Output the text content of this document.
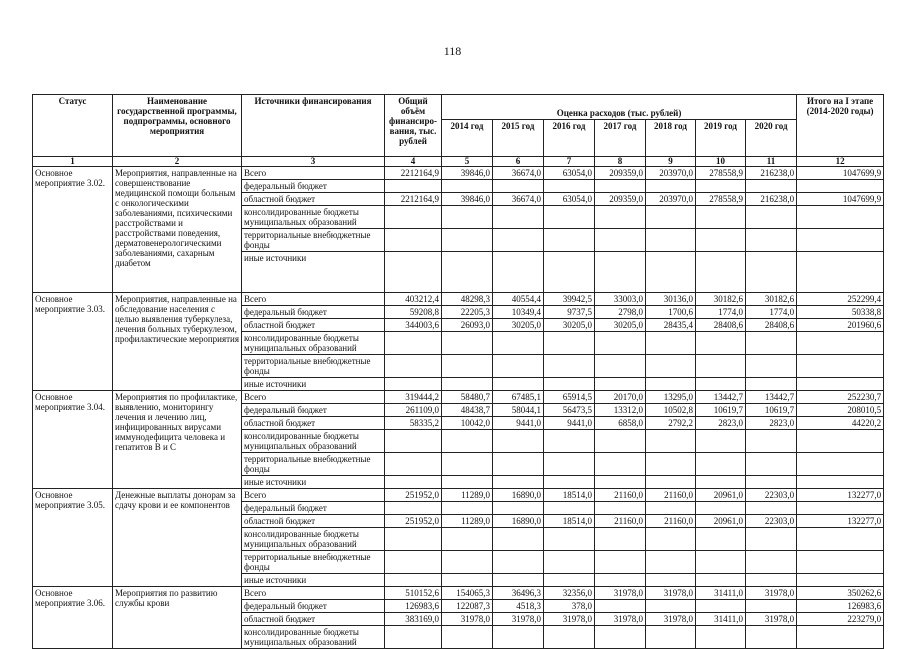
118
Статус	Наименование государственной программы, подпрограммы, основного мероприятия	Источники финансирования	Общий объём финансиро-вания, тыс. рублей	Оценка расходов (тыс. рублей)							Итого на I этапе (2014-2020 годы)
				2014 год	2015 год	2016 год	2017 год	2018 год	2019 год	2020 год	
1	2	3	4	5	6	7	8	9	10	11	12
Основное мероприятие 3.02.	Мероприятия, направленные на совершенствование медицинской помощи больным с онкологическими заболеваниями, психическими расстройствами и расстройствами поведения, дерматовенерологическими заболеваниями, сахарным диабетом	Всего	2212164,9	39846,0	36674,0	63054,0	209359,0	203970,0	278558,9	216238,0	1047699,9
		федеральный бюджет									
		областной бюджет	2212164,9	39846,0	36674,0	63054,0	209359,0	203970,0	278558,9	216238,0	1047699,9
		консолидированные бюджеты муниципальных образований									
		территориальные внебюджетные фонды									
		иные источники									
Основное мероприятие 3.03.	Мероприятия, направленные на обследование населения с целью выявления туберкулеза, лечения больных туберкулезом, профилактические мероприятия	Всего	403212,4	48298,3	40554,4	39942,5	33003,0	30136,0	30182,6	30182,6	252299,4
		федеральный бюджет	59208,8	22205,3	10349,4	9737,5	2798,0	1700,6	1774,0	1774,0	50338,8
		областной бюджет	344003,6	26093,0	30205,0	30205,0	30205,0	28435,4	28408,6	28408,6	201960,6
		консолидированные бюджеты муниципальных образований									
		территориальные внебюджетные фонды									
		иные источники									
Основное мероприятие 3.04.	Мероприятия по профилактике, выявлению, мониторингу лечения и лечению лиц, инфицированных вирусами иммунодефицита человека и гепатитов B и C	Всего	319444,2	58480,7	67485,1	65914,5	20170,0	13295,0	13442,7	13442,7	252230,7
		федеральный бюджет	261109,0	48438,7	58044,1	56473,5	13312,0	10502,8	10619,7	10619,7	208010,5
		областной бюджет	58335,2	10042,0	9441,0	9441,0	6858,0	2792,2	2823,0	2823,0	44220,2
		консолидированные бюджеты муниципальных образований									
		территориальные внебюджетные фонды									
		иные источники									
Основное мероприятие 3.05.	Денежные выплаты донорам за сдачу крови и ее компонентов	Всего	251952,0	11289,0	16890,0	18514,0	21160,0	21160,0	20961,0	22303,0	132277,0
		федеральный бюджет									
		областной бюджет	251952,0	11289,0	16890,0	18514,0	21160,0	21160,0	20961,0	22303,0	132277,0
		консолидированные бюджеты муниципальных образований									
		территориальные внебюджетные фонды									
		иные источники									
Основное мероприятие 3.06.	Мероприятия по развитию службы крови	Всего	510152,6	154065,3	36496,3	32356,0	31978,0	31978,0	31411,0	31978,0	350262,6
		федеральный бюджет	126983,6	122087,3	4518,3	378,0					126983,6
		областной бюджет	383169,0	31978,0	31978,0	31978,0	31978,0	31978,0	31411,0	31978,0	223279,0
		консолидированные бюджеты муниципальных образований									
